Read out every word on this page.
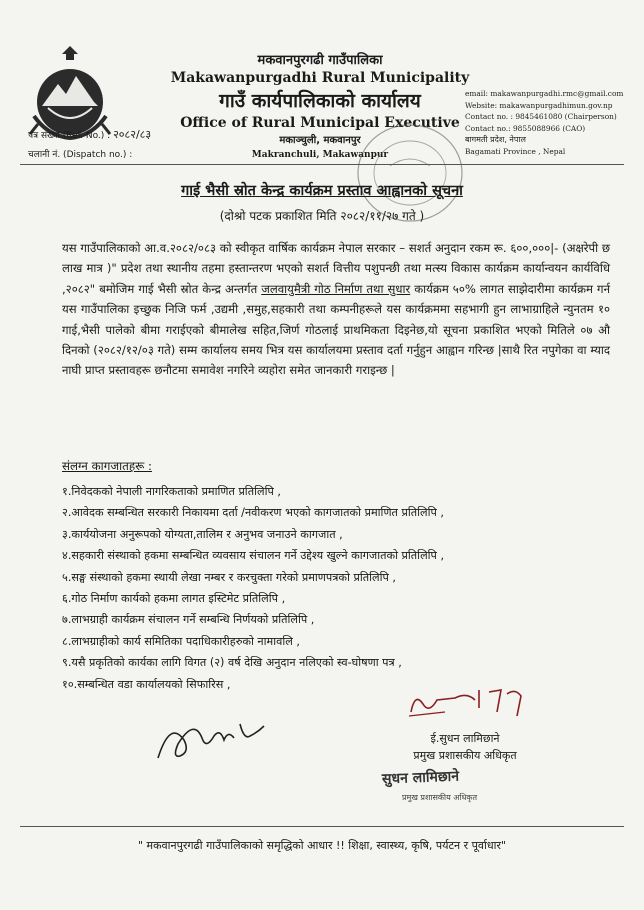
मकवानपुरगढी गाउँपालिका
Makawanpurgadhi Rural Municipality
गाउँ कार्यपालिकाको कार्यालय
Office of Rural Municipal Executive
मकाञ्चुली, मकवानपुर
Makranchuli, Makawanpur
email: makawanpurgadhi.rmc@gmail.com
Website: makawanpurgadhimun.gov.np
Contact no. : 9845461080 (Chairperson)
Contact no.: 9855088966 (CAO)
बागमती प्रदेश, नेपाल
Bagamati Province , Nepal
पत्र संख्या (Ref. No.) : २०८२/८३
चलानी नं. (Dispatch no.) :
गाई भैसी स्रोत केन्द्र कार्यक्रम प्रस्ताव आह्वानको सूचना
(दोश्रो पटक प्रकाशित मिति २०८२/११/२७ गते )
यस गाउँपालिकाको आ.व.२०८२/०८३ को स्वीकृत वार्षिक कार्यक्रम नेपाल सरकार – सशर्त अनुदान रकम रू. ६००,०००|- (अक्षरेपी छ लाख मात्र )" प्रदेश तथा स्थानीय तहमा हस्तान्तरण भएको सशर्त वित्तीय पशुपन्छी तथा मत्स्य विकास कार्यक्रम कार्यान्वयन कार्यविधि ,२०८२" बमोजिम गाई भैसी स्रोत केन्द्र अन्तर्गत जलवायुमैत्री गोठ निर्माण तथा सुधार कार्यक्रम ५०% लागत साझेदारीमा कार्यक्रम गर्न यस गाउँपालिका इच्छुक निजि फर्म ,उद्यमी ,समुह,सहकारी तथा कम्पनीहरूले यस कार्यक्रममा सहभागी हुन लाभाग्राहिले न्युनतम १० गाई,भैसी पालेको बीमा गराईएको बीमालेख सहित,जिर्ण गोठलाई प्राथमिकता दिइनेछ,यो सूचना प्रकाशित भएको मितिले ०७ औ दिनको (२०८२/१२/०३ गते) सम्म कार्यालय समय भित्र यस कार्यालयमा प्रस्ताव दर्ता गर्नुहुन आह्वान गरिन्छ |साथै रित नपुगेका वा म्याद नाघी प्राप्त प्रस्तावहरू छनौटमा समावेश नगरिने व्यहोरा समेत जानकारी गराइन्छ |
संलग्न कागजातहरू :
१.निवेदकको नेपाली नागरिकताको प्रमाणित प्रतिलिपि ,
२.आवेदक सम्बन्धित सरकारी निकायमा दर्ता /नवीकरण भएको कागजातको प्रमाणित प्रतिलिपि ,
३.कार्ययोजना अनुरूपको योग्यता,तालिम र अनुभव जनाउने कागजात ,
४.सहकारी संस्थाको हकमा सम्बन्धित व्यवसाय संचालन गर्ने उद्देश्य खुल्ने कागजातको प्रतिलिपि ,
५.सङ्घ संस्थाको हकमा स्थायी लेखा नम्बर र करचुक्ता गरेको प्रमाणपत्रको प्रतिलिपि ,
६.गोठ निर्माण कार्यको हकमा लागत इस्टिमेट प्रतिलिपि ,
७.लाभग्राही कार्यक्रम संचालन गर्ने सम्बन्धि निर्णयको प्रतिलिपि ,
८.लाभग्राहीको कार्य समितिका पदाधिकारीहरुको नामावलि ,
९.यसै प्रकृतिको कार्यका लागि विगत (२) वर्ष देखि अनुदान नलिएको स्व-घोषणा पत्र ,
१०.सम्बन्धित वडा कार्यालयको सिफारिस ,
ई.सुधन लामिछाने
प्रमुख प्रशासकीय अधिकृत
सुधन लामिछाने
प्रमुख प्रशासकीय अधिकृत
" मकवानपुरगढी गाउँपालिकाको समृद्धिको आधार !! शिक्षा, स्वास्थ्य, कृषि, पर्यटन र पूर्वाधार"
